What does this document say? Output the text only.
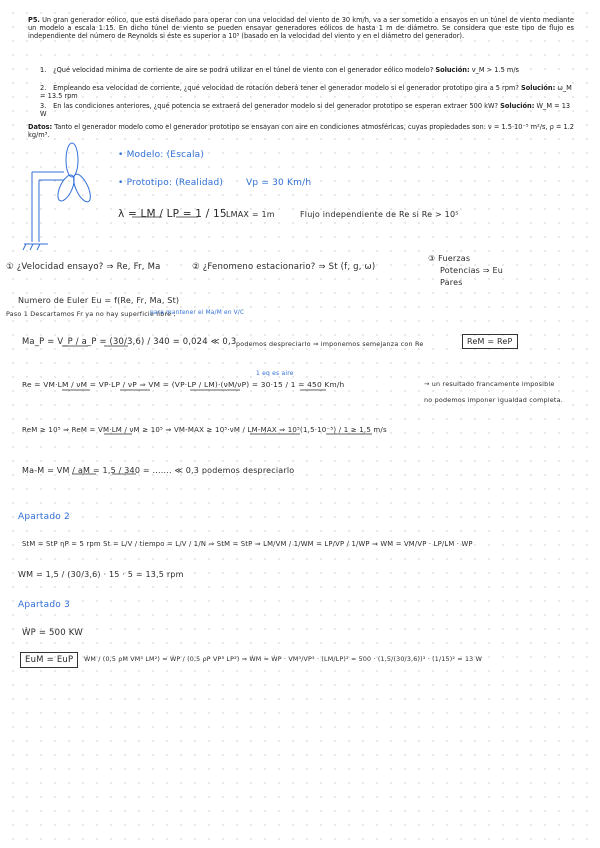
P5. Un gran generador eólico, que está diseñado para operar con una velocidad del viento de 30 km/h, va a ser sometido a ensayos en un túnel de viento mediante un modelo a escala 1:15. En dicho túnel de viento se pueden ensayar generadores eólicos de hasta 1 m de diámetro. Se considera que este tipo de flujo es independiente del número de Reynolds si éste es superior a 10⁵ (basado en la velocidad del viento y en el diámetro del generador).
1. ¿Qué velocidad mínima de corriente de aire se podrá utilizar en el túnel de viento con el generador eólico modelo? Solución: v_M > 1.5 m/s
2. Empleando esa velocidad de corriente, ¿qué velocidad de rotación deberá tener el generador modelo si el generador prototipo gira a 5 rpm? Solución: ω_M = 13.5 rpm
3. En las condiciones anteriores, ¿qué potencia se extraerá del generador modelo si del generador prototipo se esperan extraer 500 kW? Solución: Ẇ_M = 13 W
Datos: Tanto el generador modelo como el generador prototipo se ensayan con aire en condiciones atmosféricas, cuyas propiedades son: ν = 1.5·10⁻⁵ m²/s, ρ = 1.2 kg/m³.
• Modelo: (Escala)
• Prototipo: (Realidad)	Vp = 30 Km/h
λ = LM / LP = 1 / 15 LMAX = 1m	Flujo independiente de Re si Re > 10⁵
① ¿Velocidad ensayo? ⇒ Re, Fr, Ma	② ¿Fenomeno estacionario? ⇒ St (f, g, ω)
③ Fuerzas
Potencias ⇒ Eu
Pares
Numero de Euler Eu = f(Re, Fr, Ma, St)
Paso 1 Descartamos Fr ya no hay superficie libre ,
para mantener el Ma/M en V/C
Ma_P = V_P / a_P = (30/3,6) / 340 = 0,024 ≪ 0,3 podemos despreciarlo ⇒ imponemos semejanza con Re	ReM = ReP
1 eq es aire
Re = VM·LM / νM = VP·LP / νP ⇒ VM = (VP·LP / LM)·(νM/νP) = 30·15 / 1 = 450 Km/h	→ un resultado francamente imposible
no podemos imponer igualdad completa.
ReM ≥ 10⁵ ⇒ ReM = VM·LM / νM ≥ 10⁵ ⇒ VM-MAX ≥ 10⁵·νM / LM-MAX ⇒ 10⁵(1,5·10⁻⁵) / 1 ≥ 1,5 m/s
Ma-M = VM / aM = 1,5 / 340 = ....... ≪ 0,3 podemos despreciarlo
Apartado 2
StM = StP ηP = 5 rpm St = L/V / tiempo = L/V / 1/N ⇒ StM = StP ⇒ LM/VM / 1/WM = LP/VP / 1/WP ⇒ WM = VM/VP · LP/LM · WP
WM = 1,5 / (30/3,6) · 15 · 5 = 13,5 rpm
Apartado 3
ẆP = 500 KW
EuM = EuP	ẆM / (0,5 ρM VM³ LM²) = ẆP / (0,5 ρP VP³ LP²) ⇒ ẆM = ẆP · VM³/VP³ · (LM/LP)² = 500 · (1,5/(30/3,6))³ · (1/15)² = 13 W
